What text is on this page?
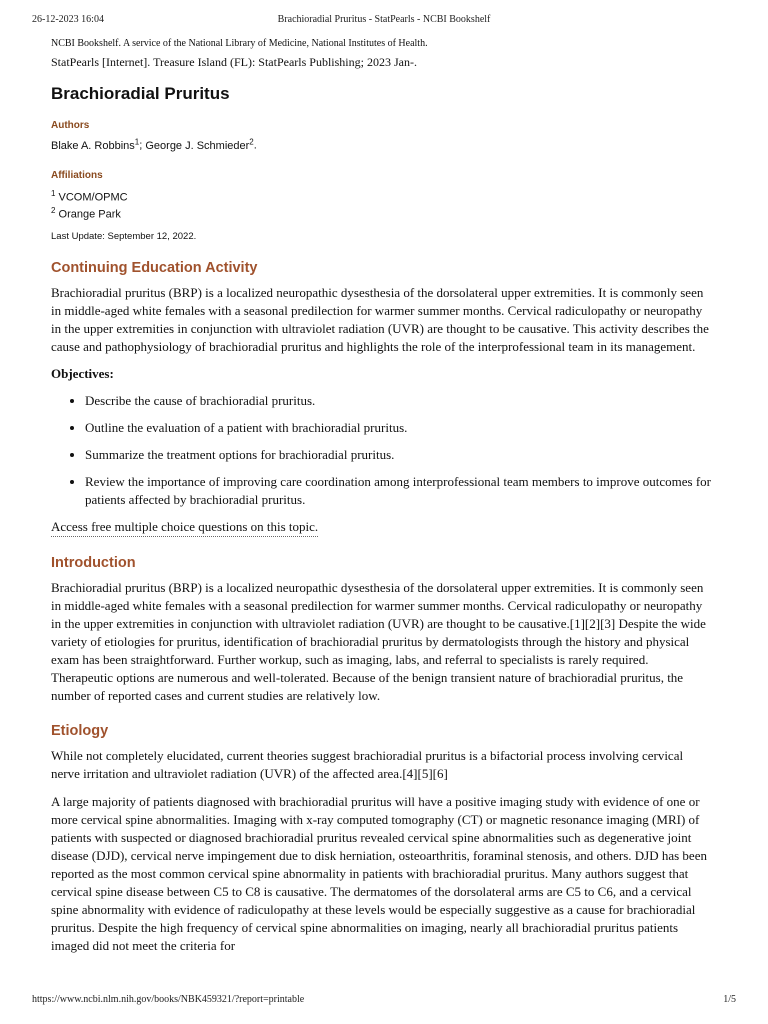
26-12-2023 16:04	Brachioradial Pruritus - StatPearls - NCBI Bookshelf
NCBI Bookshelf. A service of the National Library of Medicine, National Institutes of Health.
StatPearls [Internet]. Treasure Island (FL): StatPearls Publishing; 2023 Jan-.
Brachioradial Pruritus
Authors
Blake A. Robbins$^1$; George J. Schmieder$^2$.
Affiliations
$^1$ VCOM/OPMC
$^2$ Orange Park
Last Update: September 12, 2022.
Continuing Education Activity

Brachioradial pruritus (BRP) is a localized neuropathic dysesthesia of the dorsolateral upper extremities. It is commonly seen in middle-aged white females with a seasonal predilection for warmer summer months. Cervical radiculopathy or neuropathy in the upper extremities in conjunction with ultraviolet radiation (UVR) are thought to be causative. This activity describes the cause and pathophysiology of brachioradial pruritus and highlights the role of the interprofessional team in its management.

Objectives:
• Describe the cause of brachioradial pruritus.
• Outline the evaluation of a patient with brachioradial pruritus.
• Summarize the treatment options for brachioradial pruritus.
• Review the importance of improving care coordination among interprofessional team members to improve outcomes for patients affected by brachioradial pruritus.
Access free multiple choice questions on this topic.
Introduction

Brachioradial pruritus (BRP) is a localized neuropathic dysesthesia of the dorsolateral upper extremities. It is commonly seen in middle-aged white females with a seasonal predilection for warmer summer months. Cervical radiculopathy or neuropathy in the upper extremities in conjunction with ultraviolet radiation (UVR) are thought to be causative.[1][2][3] Despite the wide variety of etiologies for pruritus, identification of brachioradial pruritus by dermatologists through the history and physical exam has been straightforward. Further workup, such as imaging, labs, and referral to specialists is rarely required. Therapeutic options are numerous and well-tolerated. Because of the benign transient nature of brachioradial pruritus, the number of reported cases and current studies are relatively low.

Etiology

While not completely elucidated, current theories suggest brachioradial pruritus is a bifactorial process involving cervical nerve irritation and ultraviolet radiation (UVR) of the affected area.[4][5][6]

A large majority of patients diagnosed with brachioradial pruritus will have a positive imaging study with evidence of one or more cervical spine abnormalities. Imaging with x-ray computed tomography (CT) or magnetic resonance imaging (MRI) of patients with suspected or diagnosed brachioradial pruritus revealed cervical spine abnormalities such as degenerative joint disease (DJD), cervical nerve impingement due to disk herniation, osteoarthritis, foraminal stenosis, and others. DJD has been reported as the most common cervical spine abnormality in patients with brachioradial pruritus. Many authors suggest that cervical spine disease between C5 to C8 is causative. The dermatomes of the dorsolateral arms are C5 to C6, and a cervical spine abnormality with evidence of radiculopathy at these levels would be especially suggestive as a cause for brachioradial pruritus. Despite the high frequency of cervical spine abnormalities on imaging, nearly all brachioradial pruritus patients imaged did not meet the criteria for

https://www.ncbi.nlm.nih.gov/books/NBK459321/?report=printable	1/5
